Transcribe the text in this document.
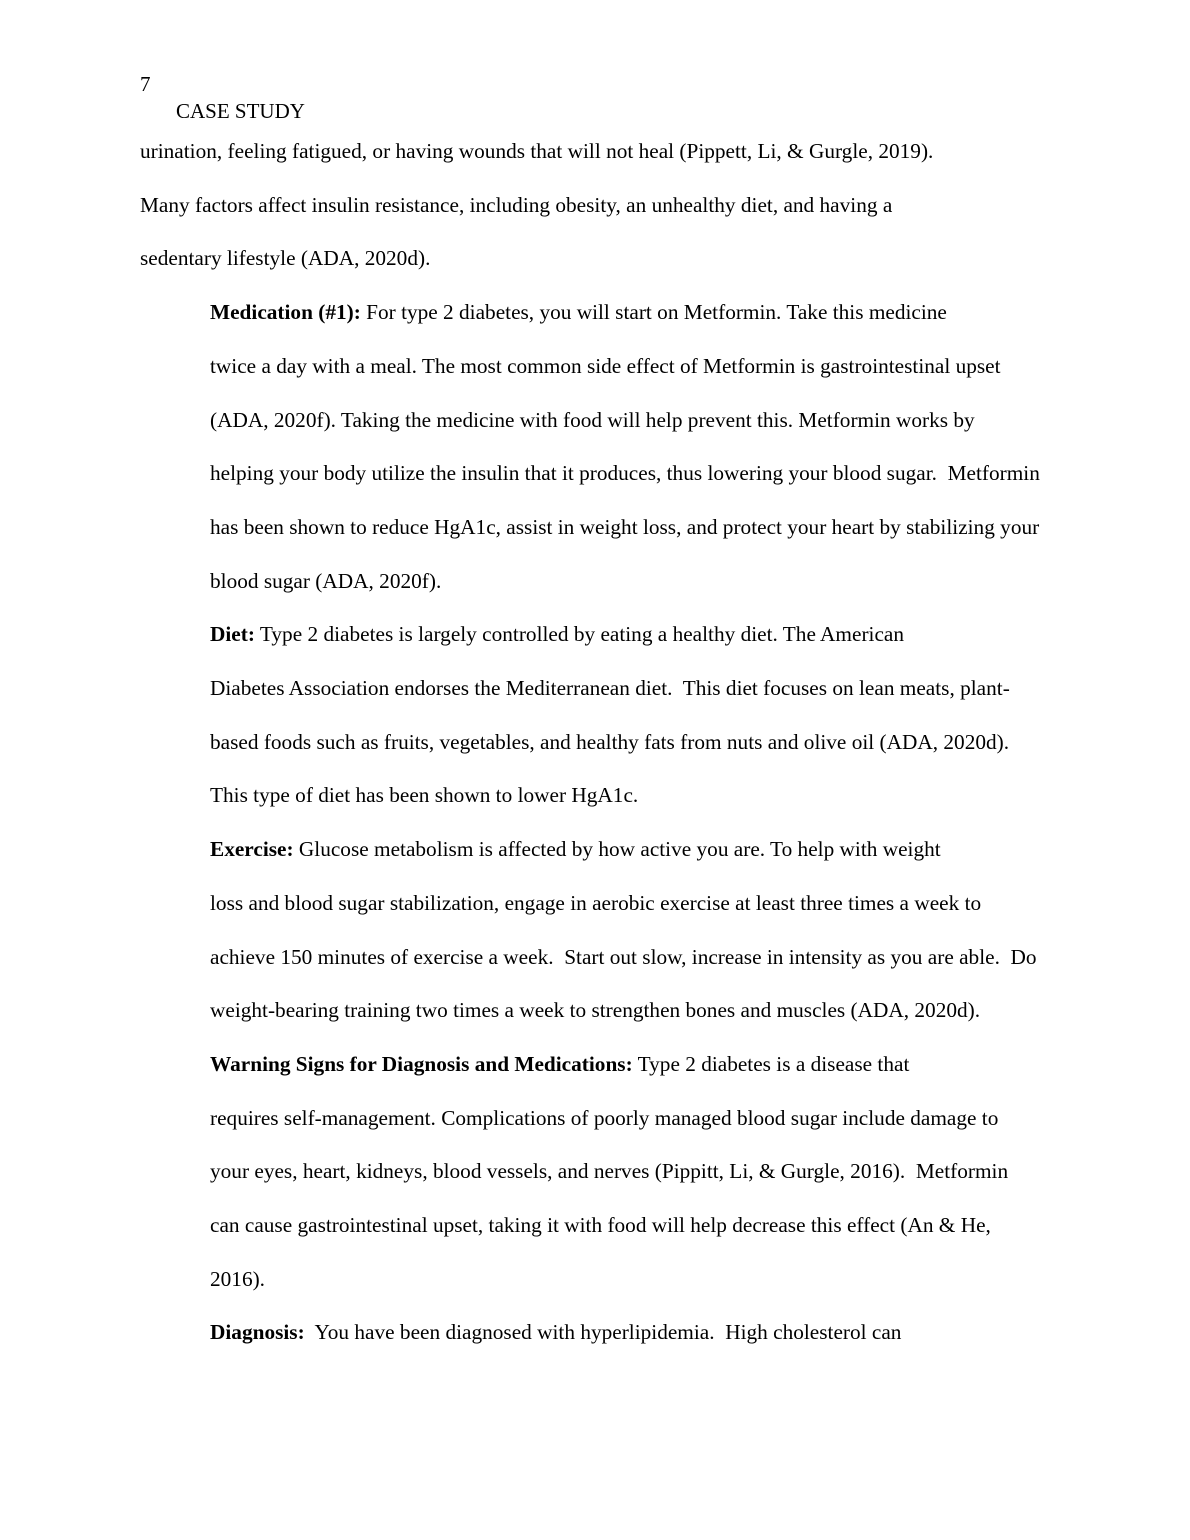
7
CASE STUDY
urination, feeling fatigued, or having wounds that will not heal (Pippett, Li, & Gurgle, 2019).
Many factors affect insulin resistance, including obesity, an unhealthy diet, and having a
sedentary lifestyle (ADA, 2020d).
Medication (#1): For type 2 diabetes, you will start on Metformin. Take this medicine
twice a day with a meal. The most common side effect of Metformin is gastrointestinal upset
(ADA, 2020f). Taking the medicine with food will help prevent this. Metformin works by
helping your body utilize the insulin that it produces, thus lowering your blood sugar.  Metformin
has been shown to reduce HgA1c, assist in weight loss, and protect your heart by stabilizing your
blood sugar (ADA, 2020f).
Diet: Type 2 diabetes is largely controlled by eating a healthy diet. The American
Diabetes Association endorses the Mediterranean diet.  This diet focuses on lean meats, plant-
based foods such as fruits, vegetables, and healthy fats from nuts and olive oil (ADA, 2020d).
This type of diet has been shown to lower HgA1c.
Exercise: Glucose metabolism is affected by how active you are. To help with weight
loss and blood sugar stabilization, engage in aerobic exercise at least three times a week to
achieve 150 minutes of exercise a week.  Start out slow, increase in intensity as you are able.  Do
weight-bearing training two times a week to strengthen bones and muscles (ADA, 2020d).
Warning Signs for Diagnosis and Medications: Type 2 diabetes is a disease that
requires self-management. Complications of poorly managed blood sugar include damage to
your eyes, heart, kidneys, blood vessels, and nerves (Pippitt, Li, & Gurgle, 2016).  Metformin
can cause gastrointestinal upset, taking it with food will help decrease this effect (An & He,
2016).
Diagnosis:  You have been diagnosed with hyperlipidemia.  High cholesterol can
